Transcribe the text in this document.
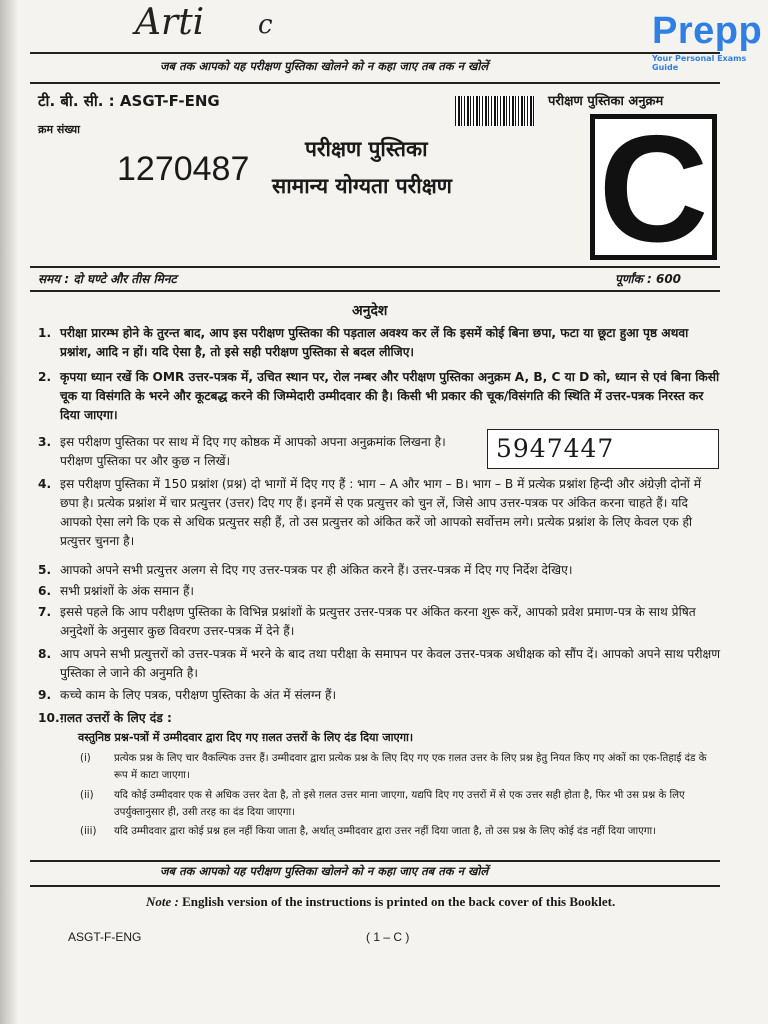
Arti c	Prepp
Your Personal Exams Guide
जब तक आपको यह परीक्षण पुस्तिका खोलने को न कहा जाए तब तक न खोलें
टी. बी. सी. : ASGT-F-ENG	परीक्षण पुस्तिका अनुक्रम
क्रम संख्या
1270487
परीक्षण पुस्तिका
सामान्य योग्यता परीक्षण C
समय : दो घण्टे और तीस मिनट	पूर्णांक : 600
अनुदेश
1. परीक्षा प्रारम्भ होने के तुरन्त बाद, आप इस परीक्षण पुस्तिका की पड़ताल अवश्य कर लें कि इसमें कोई बिना छपा, फटा या छूटा हुआ पृष्ठ अथवा प्रश्नांश, आदि न हों। यदि ऐसा है, तो इसे सही परीक्षण पुस्तिका से बदल लीजिए।
2. कृपया ध्यान रखें कि OMR उत्तर-पत्रक में, उचित स्थान पर, रोल नम्बर और परीक्षण पुस्तिका अनुक्रम A, B, C या D को, ध्यान से एवं बिना किसी चूक या विसंगति के भरने और कूटबद्ध करने की जिम्मेदारी उम्मीदवार की है। किसी भी प्रकार की चूक/विसंगति की स्थिति में उत्तर-पत्रक निरस्त कर दिया जाएगा।
3. इस परीक्षण पुस्तिका पर साथ में दिए गए कोष्ठक में आपको अपना अनुक्रमांक लिखना है। परीक्षण पुस्तिका पर और कुछ न लिखें।	5947447
4. इस परीक्षण पुस्तिका में 150 प्रश्नांश (प्रश्न) दो भागों में दिए गए हैं : भाग – A और भाग – B। भाग – B में प्रत्येक प्रश्नांश हिन्दी और अंग्रेज़ी दोनों में छपा है। प्रत्येक प्रश्नांश में चार प्रत्युत्तर (उत्तर) दिए गए हैं। इनमें से एक प्रत्युत्तर को चुन लें, जिसे आप उत्तर-पत्रक पर अंकित करना चाहते हैं। यदि आपको ऐसा लगे कि एक से अधिक प्रत्युत्तर सही हैं, तो उस प्रत्युत्तर को अंकित करें जो आपको सर्वोत्तम लगे। प्रत्येक प्रश्नांश के लिए केवल एक ही प्रत्युत्तर चुनना है।
5. आपको अपने सभी प्रत्युत्तर अलग से दिए गए उत्तर-पत्रक पर ही अंकित करने हैं। उत्तर-पत्रक में दिए गए निर्देश देखिए।
6. सभी प्रश्नांशों के अंक समान हैं।
7. इससे पहले कि आप परीक्षण पुस्तिका के विभिन्न प्रश्नांशों के प्रत्युत्तर उत्तर-पत्रक पर अंकित करना शुरू करें, आपको प्रवेश प्रमाण-पत्र के साथ प्रेषित अनुदेशों के अनुसार कुछ विवरण उत्तर-पत्रक में देने हैं।
8. आप अपने सभी प्रत्युत्तरों को उत्तर-पत्रक में भरने के बाद तथा परीक्षा के समापन पर केवल उत्तर-पत्रक अधीक्षक को सौंप दें। आपको अपने साथ परीक्षण पुस्तिका ले जाने की अनुमति है।
9. कच्चे काम के लिए पत्रक, परीक्षण पुस्तिका के अंत में संलग्न हैं।
10. ग़लत उत्तरों के लिए दंड :
वस्तुनिष्ठ प्रश्न-पत्रों में उम्मीदवार द्वारा दिए गए ग़लत उत्तरों के लिए दंड दिया जाएगा।
(i) प्रत्येक प्रश्न के लिए चार वैकल्पिक उत्तर हैं। उम्मीदवार द्वारा प्रत्येक प्रश्न के लिए दिए गए एक ग़लत उत्तर के लिए प्रश्न हेतु नियत किए गए अंकों का एक-तिहाई दंड के रूप में काटा जाएगा।
(ii) यदि कोई उम्मीदवार एक से अधिक उत्तर देता है, तो इसे ग़लत उत्तर माना जाएगा, यद्यपि दिए गए उत्तरों में से एक उत्तर सही होता है, फिर भी उस प्रश्न के लिए उपर्युक्तानुसार ही, उसी तरह का दंड दिया जाएगा।
(iii) यदि उम्मीदवार द्वारा कोई प्रश्न हल नहीं किया जाता है, अर्थात् उम्मीदवार द्वारा उत्तर नहीं दिया जाता है, तो उस प्रश्न के लिए कोई दंड नहीं दिया जाएगा।
जब तक आपको यह परीक्षण पुस्तिका खोलने को न कहा जाए तब तक न खोलें
Note : English version of the instructions is printed on the back cover of this Booklet.
ASGT-F-ENG	( 1 – C )
